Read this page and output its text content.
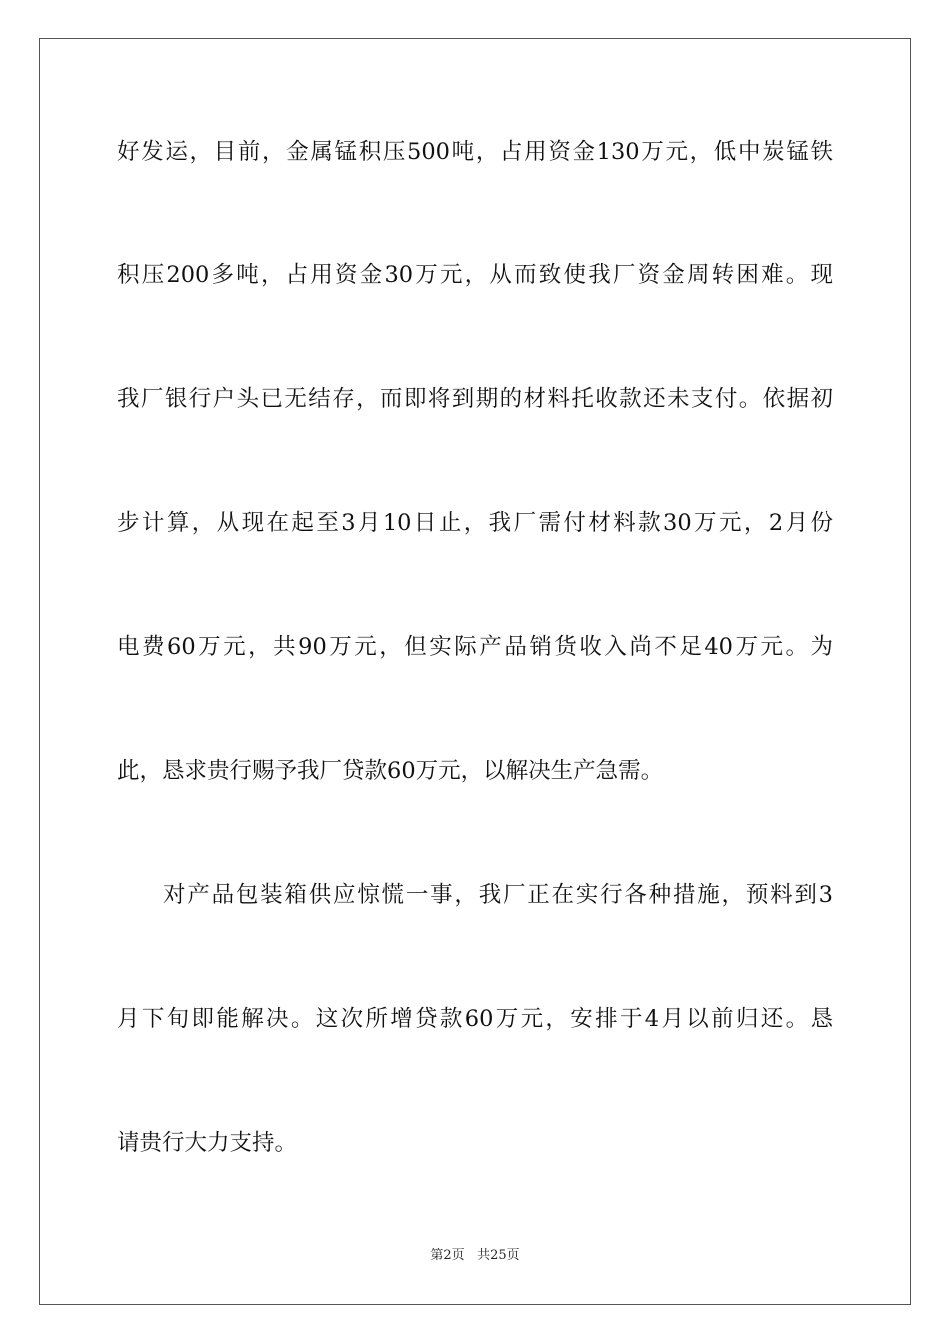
好发运，目前，金属锰积压500吨，占用资金130万元，低中炭锰铁
积压200多吨，占用资金30万元，从而致使我厂资金周转困难。现
我厂银行户头已无结存，而即将到期的材料托收款还未支付。依据初
步计算，从现在起至3月10日止，我厂需付材料款30万元，2月份
电费60万元，共90万元，但实际产品销货收入尚不足40万元。为
此，恳求贵行赐予我厂贷款60万元，以解决生产急需。
对产品包装箱供应惊慌一事，我厂正在实行各种措施，预料到3
月下旬即能解决。这次所增贷款60万元，安排于4月以前归还。恳
请贵行大力支持。
第2页 共25页
